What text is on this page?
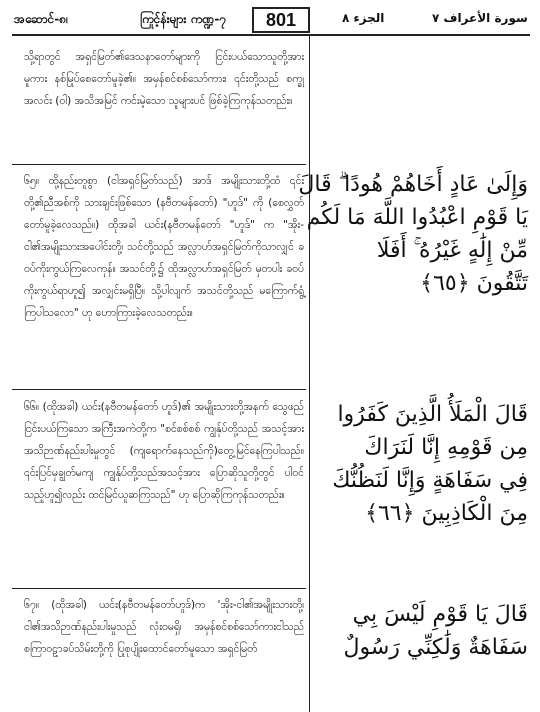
အဆောင်-၈၊	ကြုင့်န်းများ ကဏ္ဍ-၇	801	الجزء ٨	سورة الأعراف ٧

သို့ရာတွင် အရှင်မြတ်၏ဒေသနာတော်များကို ငြင်းပယ်သောသူတို့အားမူကား နစ်မြုပ်စေတော်မူခဲ့၏။ အမှန်စင်စစ်သော်ကား၊ ၎င်းတို့သည် စက္ခုအလင်း (ဝါ) အသိအမြင် ကင်းမဲ့သော သူများပင် ဖြစ်ခဲ့ကြကုန်သတည်း။

၆၅။ ထို့နည်းတူစွာ (ငါအရှင်မြတ်သည်) အာဒ် အမျိုးသားတို့ထံ ၎င်းတို့၏ညီအစ်ကို သားချင်းဖြစ်သော (နဗီတမန်တော်) "ဟူဒ်" ကို (စေလွှတ်တော်မူခဲ့လေသည်။) ထိုအခါ ယင်း(နဗီတမန်တော် "ဟူဒ်" က "အိုး-ငါ၏အမျိုးသားအပေါင်းတို့၊ သင်တို့သည် အလ္လာဟ်အရှင်မြတ်ကိုသာလျှင် ခဝပ်ကိုးကွယ်ကြလေကုန်။ အသင်တို့၌ ထိုအလ္လာဟ်အရှင်မြတ် မှတပါး ခဝပ်ကိုးကွယ်ရာဟူ၍ အလျှင်းမရှိပြီ။ သို့ပါလျက် အသင်တို့သည် မကြောက်ရွံ့ကြပါသလော" ဟု ဟောကြားခဲ့လေသတည်း။

၆၆။ (ထိုအခါ) ယင်း(နဗီတမန်တော် ဟူဒ်)၏ အမျိုးသားတို့အနက် သွေဖည်ငြင်းပယ်ကြသော အကြီးအကဲတို့က "စင်စစ်စစ် ကျွန်ုပ်တို့သည် အသင့်အား အသိဉာဏ်နည်းပါးမှုတွင် (ကျရောက်နေသည်ကို)တွေ့မြင်နေကြပါသည်။ ၎င်းပြင်မှချွတ်မကျ ကျွန်ုပ်တို့သည်အသင့်အား ပြောဆိုသူတို့တွင် ပါဝင်သည့်ဟူ၍လည်း ထင်မြင်ယူဆကြသည်" ဟု ပြောဆိုကြကုန်သတည်း။

၆၇။ (ထိုအခါ) ယင်း(နဗီတမန်တော်ဟူဒ်)က 'အိုး-ငါ၏အမျိုးသားတို့၊ ငါ၏အသိဉာဏ်နည်းပါးမှုသည် လုံးဝမရှိ၊ အမှန်စင်စစ်သော်ကားငါသည် စကြာဝဠာခပ်သိမ်းတို့ကို ပြုစုပျိုးထောင်တော်မူသော အရှင်မြတ်

وَإِلَىٰ عَادٍ أَخَاهُمْ هُودًا ۗ قَالَ
يَا قَوْمِ اعْبُدُوا اللَّهَ مَا لَكُم
مِّنْ إِلَٰهٍ غَيْرُهُ ۚ أَفَلَا
تَتَّقُونَ ﴿٦٥﴾
قَالَ الْمَلَأُ الَّذِينَ كَفَرُوا
مِن قَوْمِهِ إِنَّا لَنَرَاكَ
فِي سَفَاهَةٍ وَإِنَّا لَنَظُنُّكَ
مِنَ الْكَاذِبِينَ ﴿٦٦﴾
قَالَ يَا قَوْمِ لَيْسَ بِي
سَفَاهَةٌ وَلَٰكِنِّي رَسُولٌ
